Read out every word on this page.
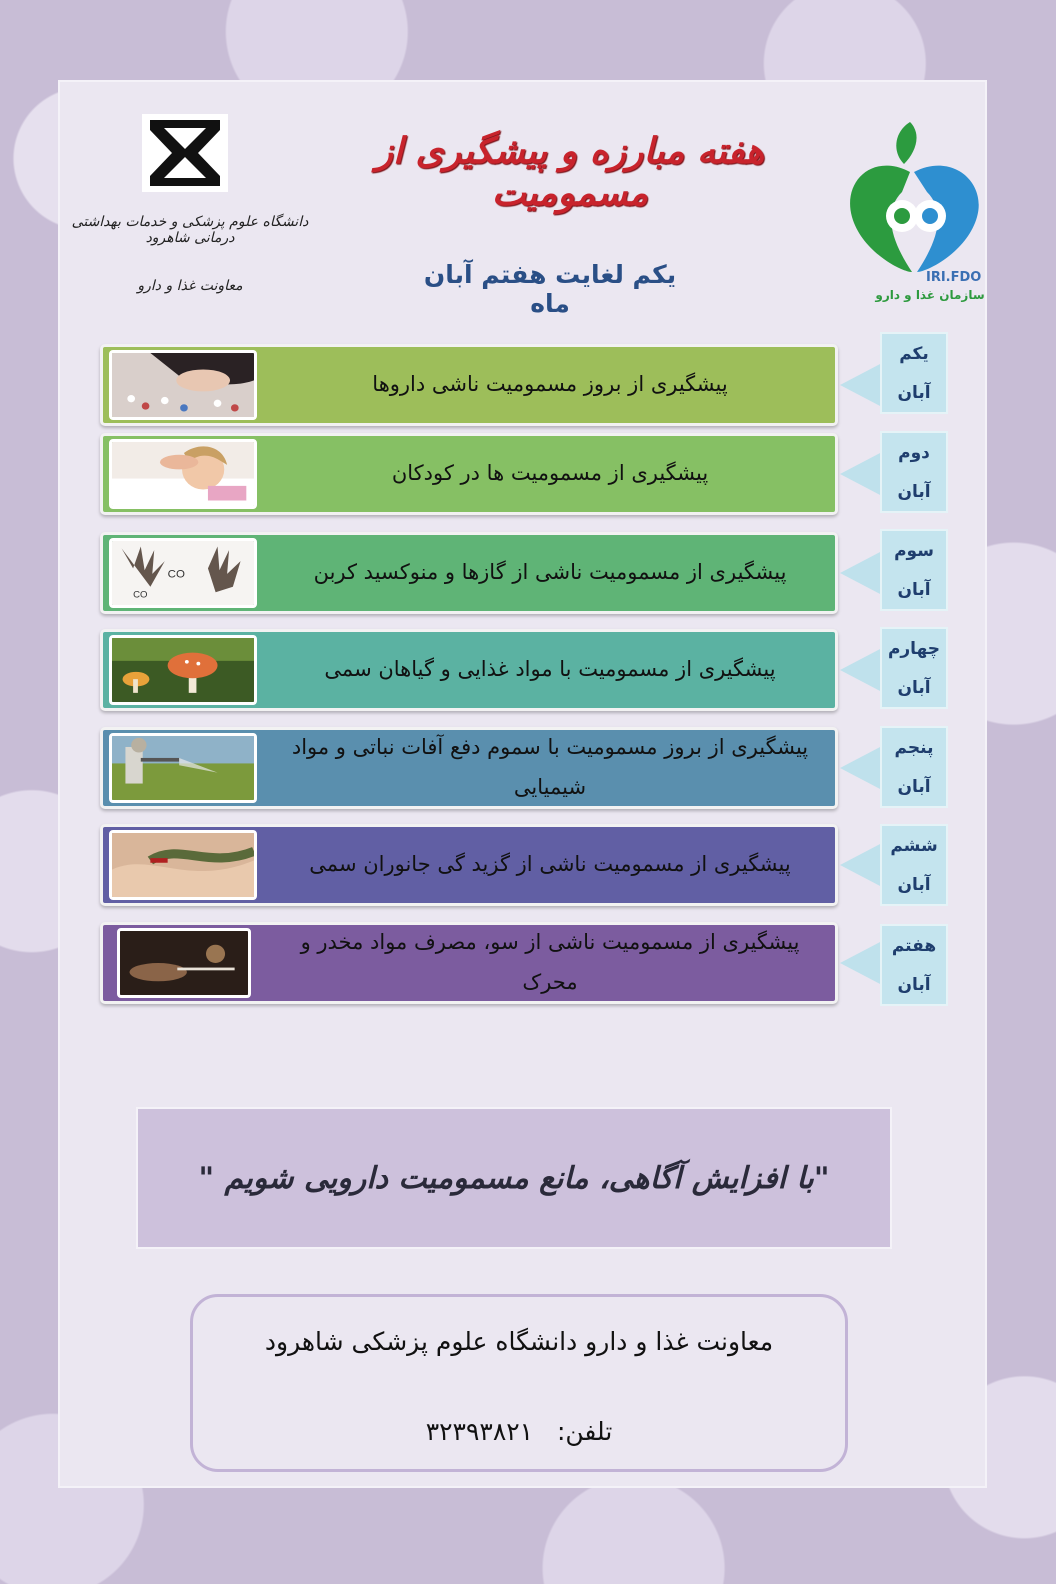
دانشگاه علوم پزشکی و خدمات بهداشتی درمانی شاهرود
معاونت غذا و دارو
هفته مبارزه و پیشگیری از مسمومیت
یکم لغایت هفتم آبان ماه
IRI.FDO
سازمان غذا و دارو
پیشگیری از بروز مسمومیت ناشی داروها
یکم
آبان
پیشگیری از مسمومیت ها در کودکان
دوم
آبان
CO
CO
پیشگیری از مسمومیت ناشی از گازها و منوکسید کربن
سوم
آبان
پیشگیری از مسمومیت با مواد غذایی و گیاهان سمی
چهارم
آبان
پیشگیری از بروز مسمومیت با سموم دفع آفات نباتی و مواد شیمیایی
پنجم
آبان
پیشگیری از مسمومیت ناشی از گزید گی جانوران سمی
ششم
آبان
پیشگیری از مسمومیت ناشی از سو، مصرف مواد مخدر و محرک
هفتم
آبان
"با افزایش آگاهی، مانع مسمومیت دارویی شویم "
معاونت غذا و دارو دانشگاه علوم پزشکی شاهرود
تلفن:   ۳۲۳۹۳۸۲۱
